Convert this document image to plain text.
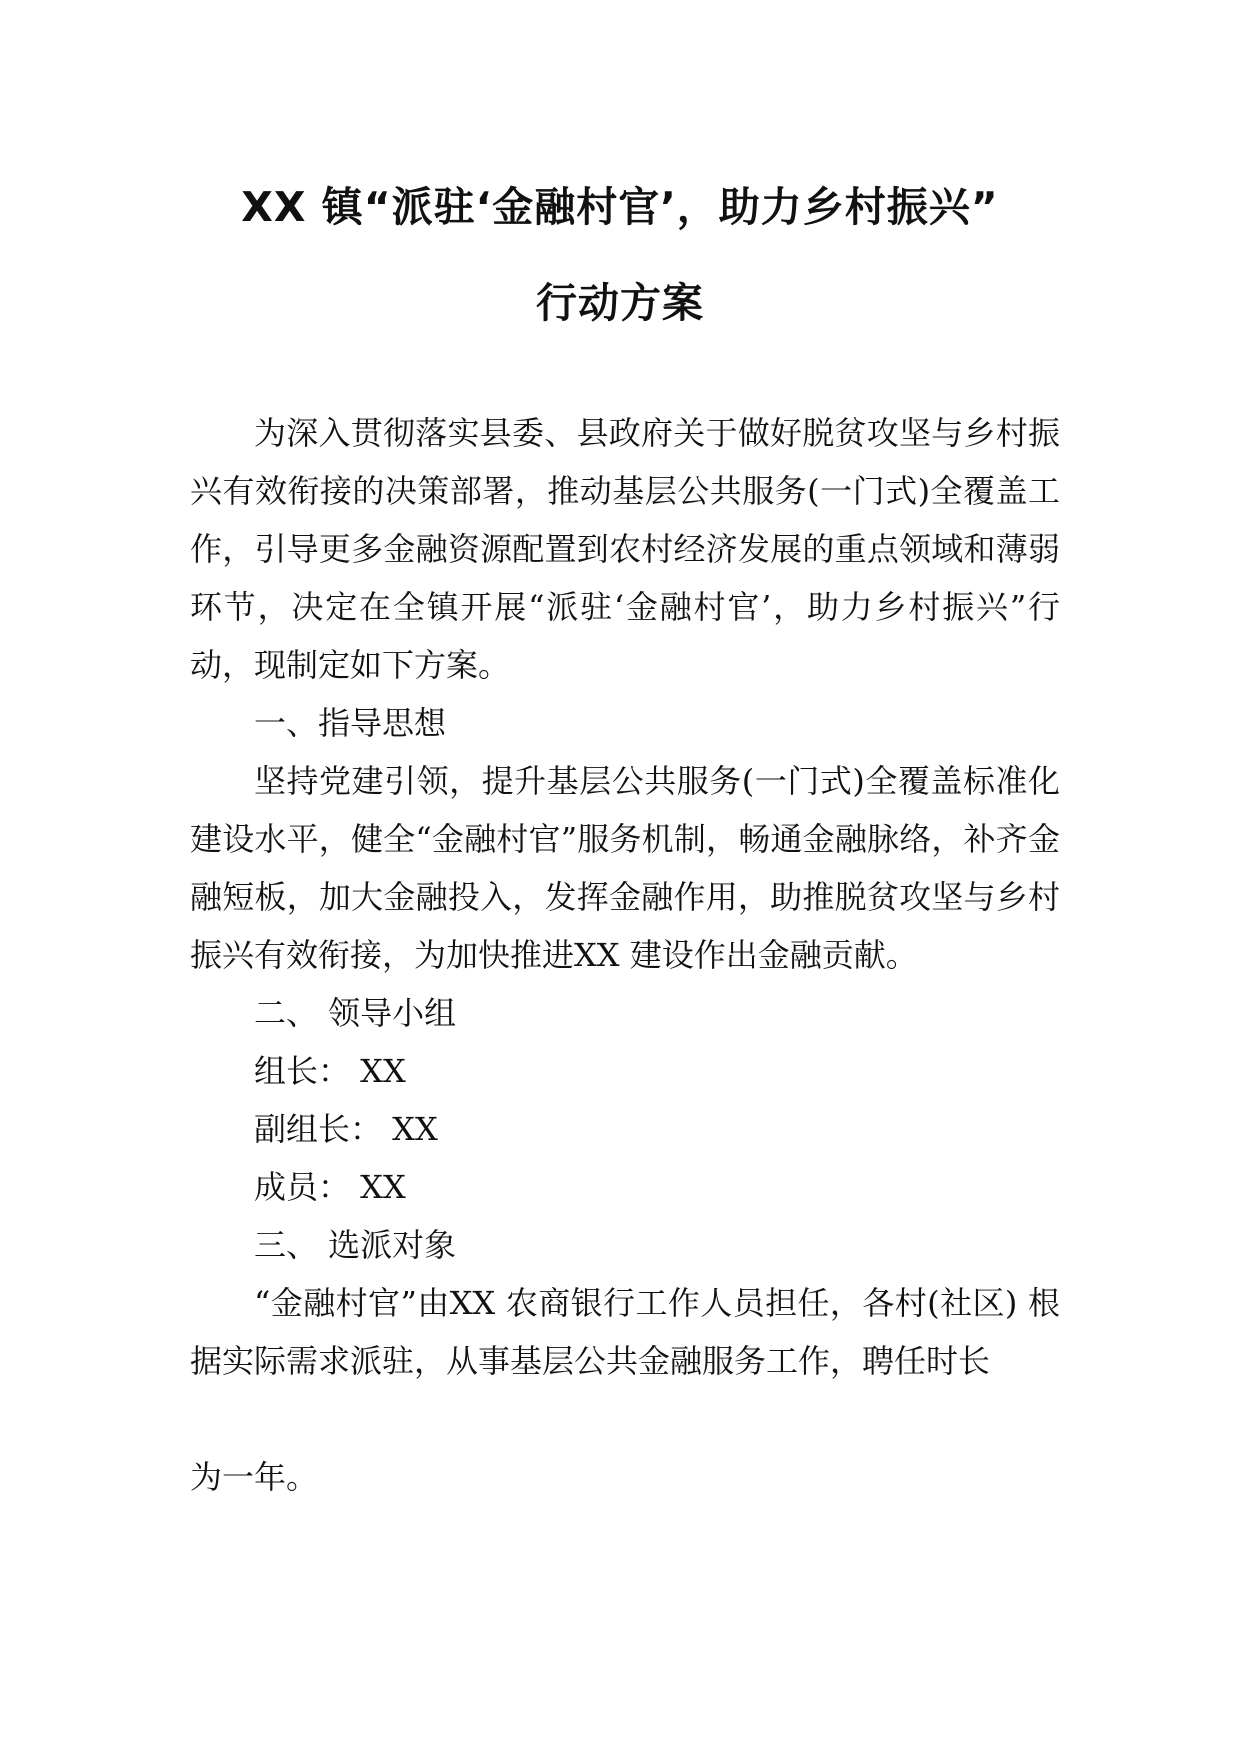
XX 镇“派驻‘金融村官’，助力乡村振兴”
行动方案

为深入贯彻落实县委、县政府关于做好脱贫攻坚与乡村振兴有效衔接的决策部署，推动基层公共服务(一门式)全覆盖工作，引导更多金融资源配置到农村经济发展的重点领域和薄弱环节，决定在全镇开展“派驻‘金融村官’，助力乡村振兴”行动，现制定如下方案。

一、指导思想

坚持党建引领，提升基层公共服务(一门式)全覆盖标准化建设水平，健全“金融村官”服务机制，畅通金融脉络，补齐金融短板，加大金融投入，发挥金融作用，助推脱贫攻坚与乡村振兴有效衔接，为加快推进XX 建设作出金融贡献。

二、 领导小组

组长： XX

副组长： XX

成员： XX

三、 选派对象

“金融村官”由XX 农商银行工作人员担任，各村(社区) 根据实际需求派驻，从事基层公共金融服务工作，聘任时长

为一年。
